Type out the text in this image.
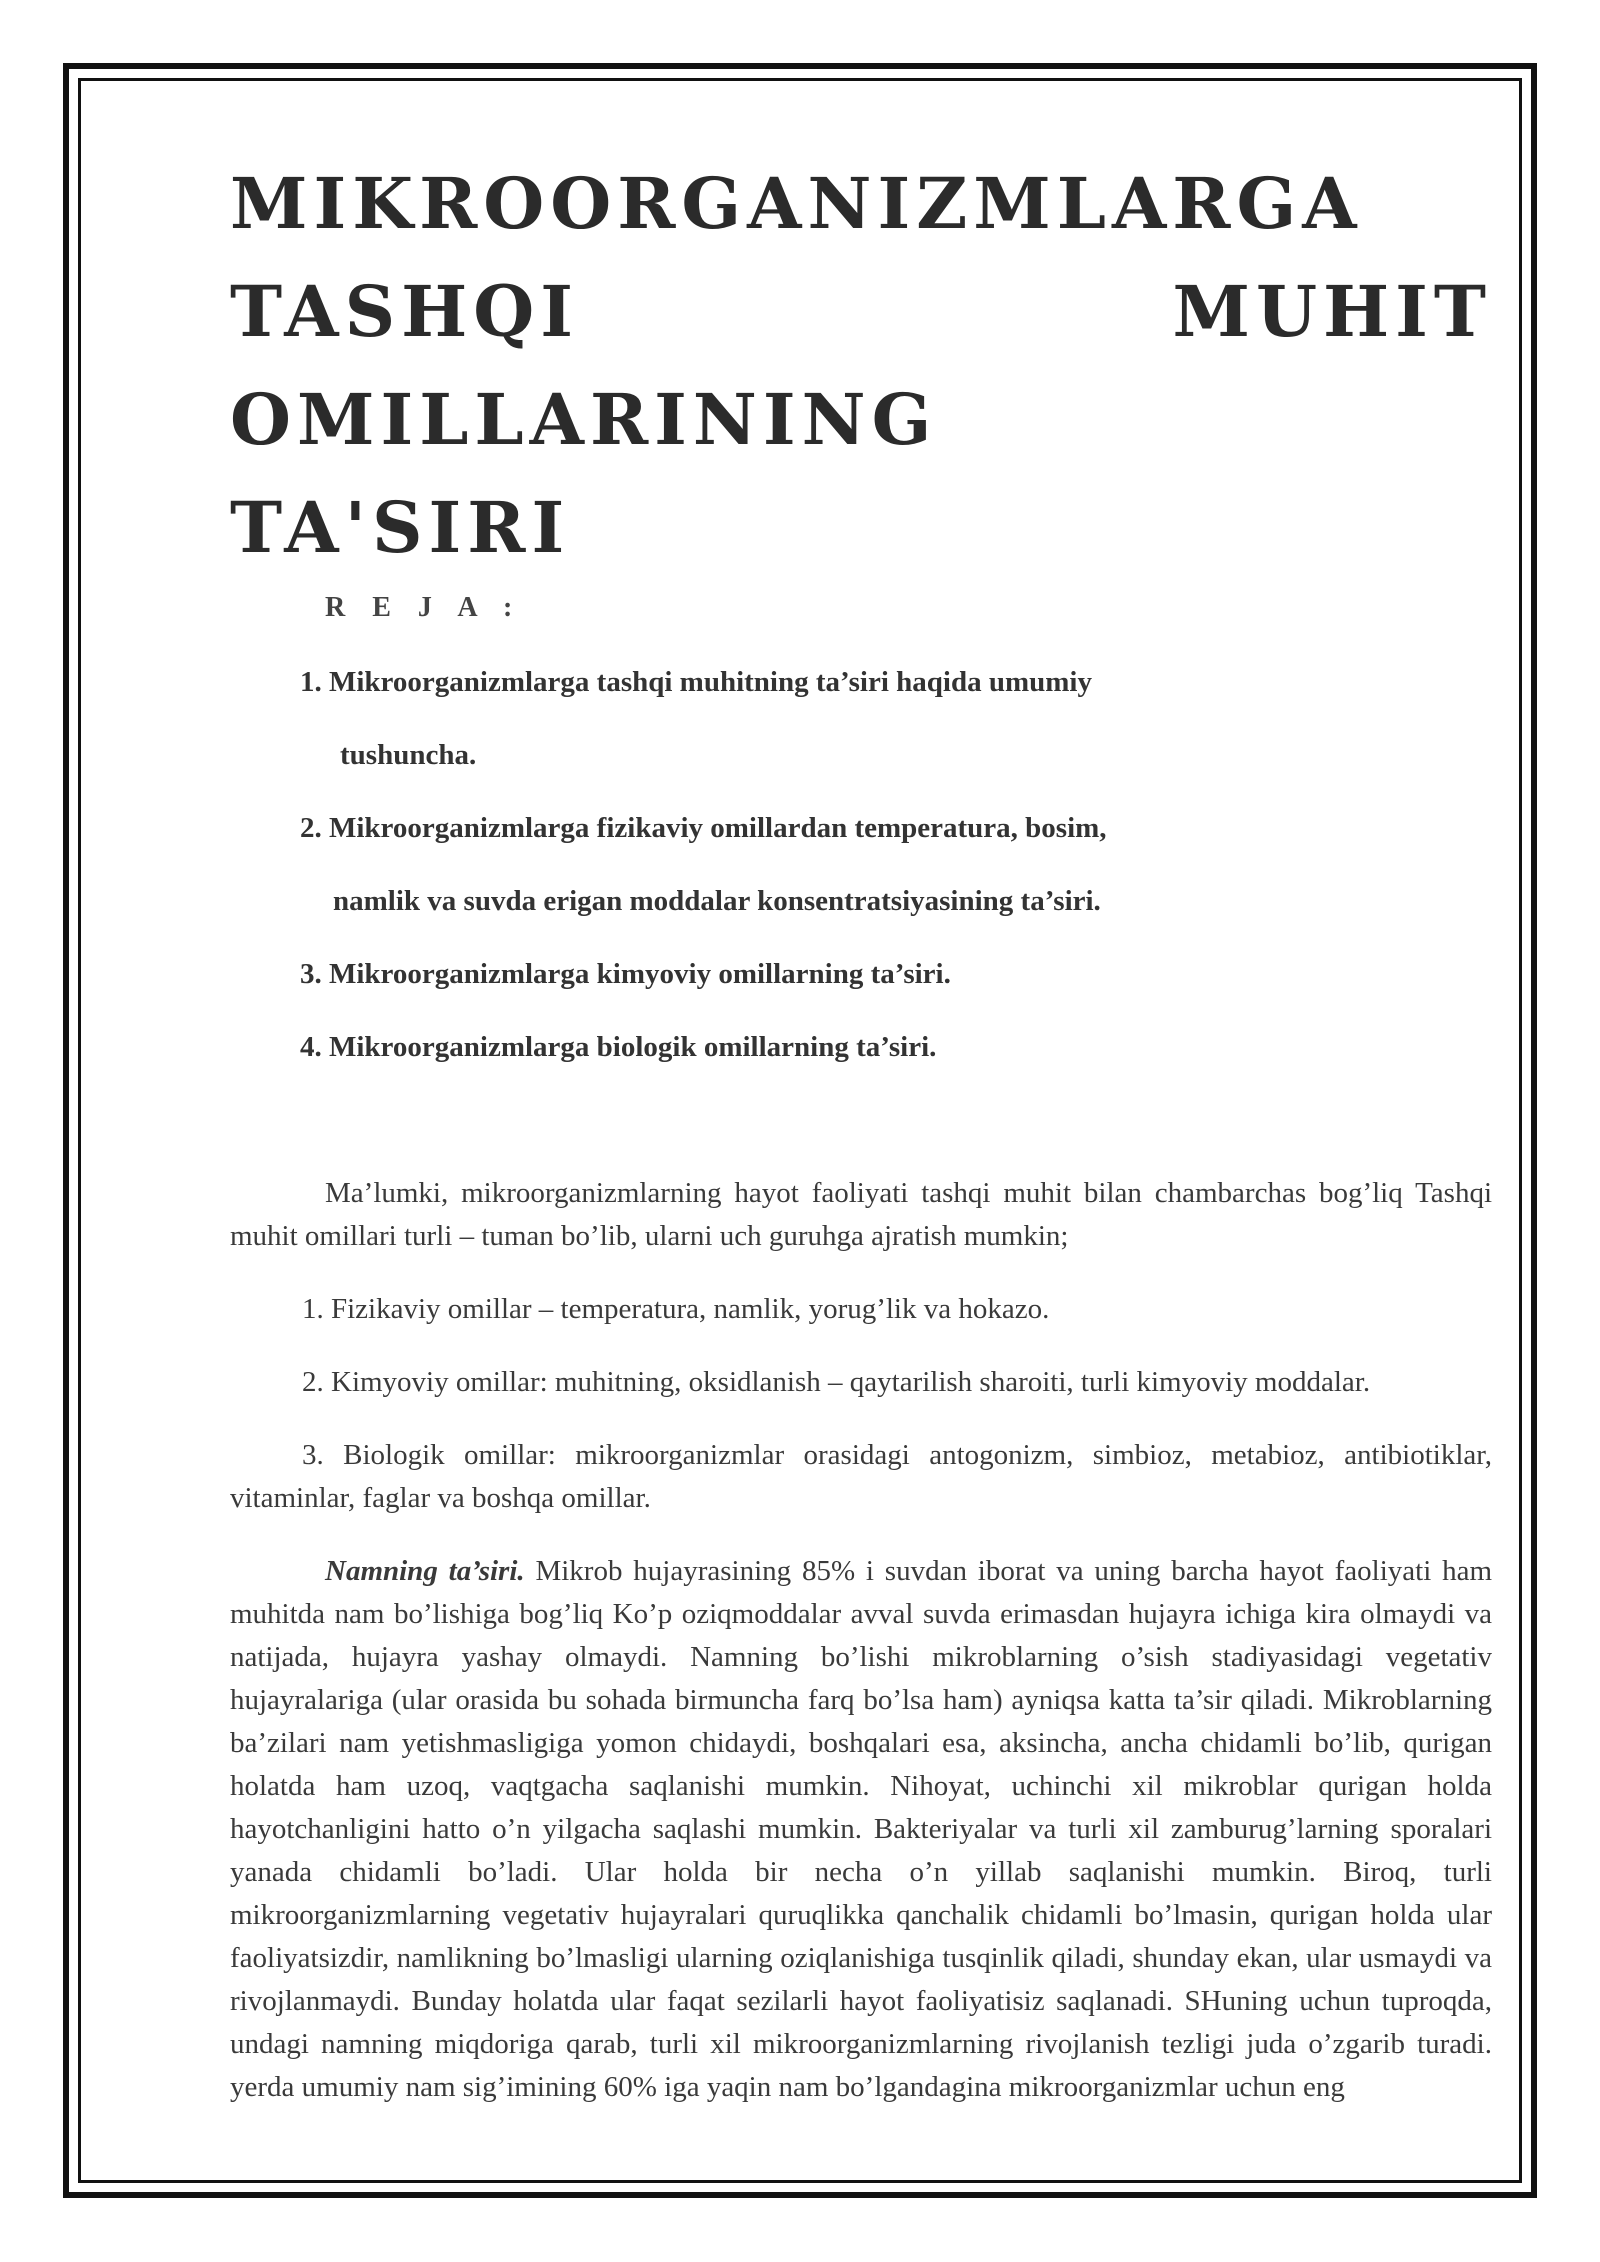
MIKROORGANIZMLARGA
TASHQI MUHIT OMILLARINING
TA'SIRI
R E J A :
1. Mikroorganizmlarga tashqi muhitning ta’siri haqida umumiy
tushuncha.
2. Mikroorganizmlarga fizikaviy omillardan temperatura, bosim,
namlik va suvda erigan moddalar konsentratsiyasining ta’siri.
3. Mikroorganizmlarga kimyoviy omillarning ta’siri.
4. Mikroorganizmlarga biologik omillarning ta’siri.

Ma’lumki, mikroorganizmlarning hayot faoliyati tashqi muhit bilan chambarchas bog’liq Tashqi muhit omillari turli – tuman bo’lib, ularni uch guruhga ajratish mumkin;

1. Fizikaviy omillar – temperatura, namlik, yorug’lik va hokazo.

2. Kimyoviy omillar: muhitning, oksidlanish – qaytarilish sharoiti, turli kimyoviy moddalar.

3. Biologik omillar: mikroorganizmlar orasidagi antogonizm, simbioz, metabioz, antibiotiklar, vitaminlar, faglar va boshqa omillar.

Namning ta’siri. Mikrob hujayrasining 85% i suvdan iborat va uning barcha hayot faoliyati ham muhitda nam bo’lishiga bog’liq Ko’p oziqmoddalar avval suvda erimasdan hujayra ichiga kira olmaydi va natijada, hujayra yashay olmaydi. Namning bo’lishi mikroblarning o’sish stadiyasidagi vegetativ hujayralariga (ular orasida bu sohada birmuncha farq bo’lsa ham) ayniqsa katta ta’sir qiladi. Mikroblarning ba’zilari nam yetishmasligiga yomon chidaydi, boshqalari esa, aksincha, ancha chidamli bo’lib, qurigan holatda ham uzoq, vaqtgacha saqlanishi mumkin. Nihoyat, uchinchi xil mikroblar qurigan holda hayotchanligini hatto o’n yilgacha saqlashi mumkin. Bakteriyalar va turli xil zamburug’larning sporalari yanada chidamli bo’ladi. Ular holda bir necha o’n yillab saqlanishi mumkin. Biroq, turli mikroorganizmlarning vegetativ hujayralari quruqlikka qanchalik chidamli bo’lmasin, qurigan holda ular faoliyatsizdir, namlikning bo’lmasligi ularning oziqlanishiga tusqinlik qiladi, shunday ekan, ular usmaydi va rivojlanmaydi. Bunday holatda ular faqat sezilarli hayot faoliyatisiz saqlanadi. SHuning uchun tuproqda, undagi namning miqdoriga qarab, turli xil mikroorganizmlarning rivojlanish tezligi juda o’zgarib turadi. yerda umumiy nam sig’imining 60% iga yaqin nam bo’lgandagina mikroorganizmlar uchun eng
